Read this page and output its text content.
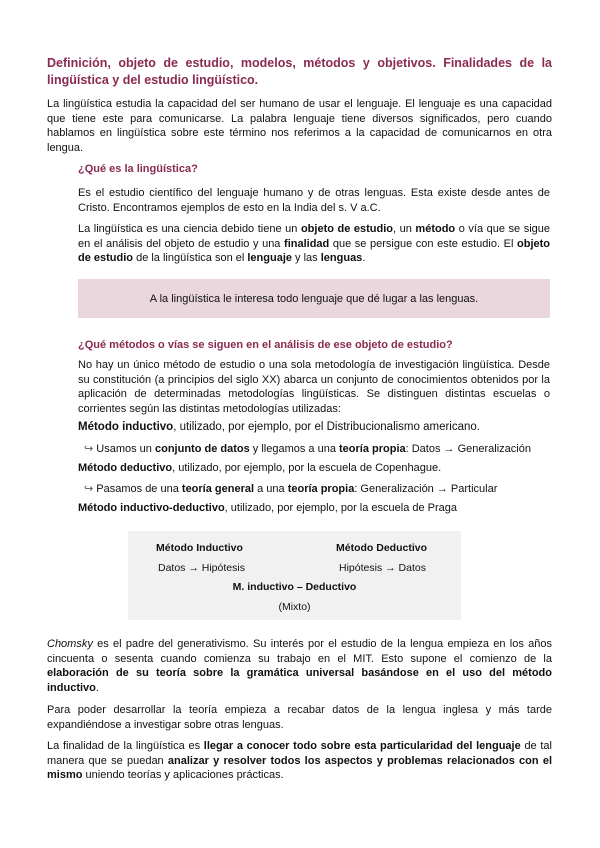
Definición, objeto de estudio, modelos, métodos y objetivos. Finalidades de la lingüística y del estudio lingüístico.

La lingüística estudia la capacidad del ser humano de usar el lenguaje. El lenguaje es una capacidad que tiene este para comunicarse. La palabra lenguaje tiene diversos significados, pero cuando hablamos en lingüística sobre este término nos referimos a la capacidad de comunicarnos en otra lengua.

¿Qué es la lingüística?

Es el estudio científico del lenguaje humano y de otras lenguas. Esta existe desde antes de Cristo. Encontramos ejemplos de esto en la India del s. V a.C.

La lingüística es una ciencia debido tiene un objeto de estudio, un método o vía que se sigue en el análisis del objeto de estudio y una finalidad que se persigue con este estudio. El objeto de estudio de la lingüística son el lenguaje y las lenguas.

A la lingüística le interesa todo lenguaje que dé lugar a las lenguas.

¿Qué métodos o vías se siguen en el análisis de ese objeto de estudio?

No hay un único método de estudio o una sola metodología de investigación lingüística. Desde su constitución (a principios del siglo XX) abarca un conjunto de conocimientos obtenidos por la aplicación de determinadas metodologías lingüísticas. Se distinguen distintas escuelas o corrientes según las distintas metodologías utilizadas:

Método inductivo, utilizado, por ejemplo, por el Distribucionalismo americano.

↪ Usamos un conjunto de datos y llegamos a una teoría propia: Datos → Generalización

Método deductivo, utilizado, por ejemplo, por la escuela de Copenhague.

↪ Pasamos de una teoría general a una teoría propia: Generalización → Particular

Método inductivo-deductivo, utilizado, por ejemplo, por la escuela de Praga

Método Inductivo	Método Deductivo
Datos → Hipótesis	Hipótesis → Datos
M. inductivo – Deductivo
(Mixto)

Chomsky es el padre del generativismo. Su interés por el estudio de la lengua empieza en los años cincuenta o sesenta cuando comienza su trabajo en el MIT. Esto supone el comienzo de la elaboración de su teoría sobre la gramática universal basándose en el uso del método inductivo.

Para poder desarrollar la teoría empieza a recabar datos de la lengua inglesa y más tarde expandiéndose a investigar sobre otras lenguas.

La finalidad de la lingüística es llegar a conocer todo sobre esta particularidad del lenguaje de tal manera que se puedan analizar y resolver todos los aspectos y problemas relacionados con el mismo uniendo teorías y aplicaciones prácticas.
